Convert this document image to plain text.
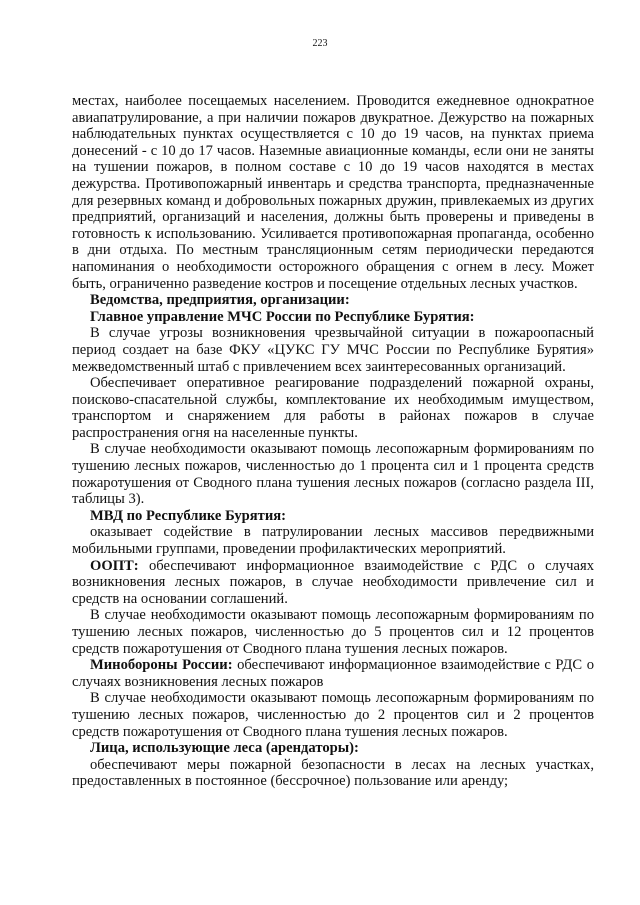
223

местах, наиболее посещаемых населением. Проводится ежедневное однократное авиапатрулирование, а при наличии пожаров двукратное. Дежурство на пожарных наблюдательных пунктах осуществляется с 10 до 19 часов, на пунктах приема донесений - с 10 до 17 часов. Наземные авиационные команды, если они не заняты на тушении пожаров, в полном составе с 10 до 19 часов находятся в местах дежурства. Противопожарный инвентарь и средства транспорта, предназначенные для резервных команд и добровольных пожарных дружин, привлекаемых из других предприятий, организаций и населения, должны быть проверены и приведены в готовность к использованию. Усиливается противопожарная пропаганда, особенно в дни отдыха. По местным трансляционным сетям периодически передаются напоминания о необходимости осторожного обращения с огнем в лесу. Может быть, ограниченно разведение костров и посещение отдельных лесных участков.

Ведомства, предприятия, организации:

Главное управление МЧС России по Республике Бурятия:

В случае угрозы возникновения чрезвычайной ситуации в пожароопасный период создает на базе ФКУ «ЦУКС ГУ МЧС России по Республике Бурятия» межведомственный штаб с привлечением всех заинтересованных организаций.

Обеспечивает оперативное реагирование подразделений пожарной охраны, поисково-спасательной службы, комплектование их необходимым имуществом, транспортом и снаряжением для работы в районах пожаров в случае распространения огня на населенные пункты.

В случае необходимости оказывают помощь лесопожарным формированиям по тушению лесных пожаров, численностью до 1 процента сил и 1 процента средств пожаротушения от Сводного плана тушения лесных пожаров (согласно раздела III, таблицы 3).

МВД по Республике Бурятия:

оказывает содействие в патрулировании лесных массивов передвижными мобильными группами, проведении профилактических мероприятий.

ООПТ: обеспечивают информационное взаимодействие с РДС о случаях возникновения лесных пожаров, в случае необходимости привлечение сил и средств на основании соглашений.

В случае необходимости оказывают помощь лесопожарным формированиям по тушению лесных пожаров, численностью до 5 процентов сил и 12 процентов средств пожаротушения от Сводного плана тушения лесных пожаров.

Минобороны России: обеспечивают информационное взаимодействие с РДС о случаях возникновения лесных пожаров

В случае необходимости оказывают помощь лесопожарным формированиям по тушению лесных пожаров, численностью до 2 процентов сил и 2 процентов средств пожаротушения от Сводного плана тушения лесных пожаров.

Лица, использующие леса (арендаторы):

обеспечивают меры пожарной безопасности в лесах на лесных участках, предоставленных в постоянное (бессрочное) пользование или аренду;
